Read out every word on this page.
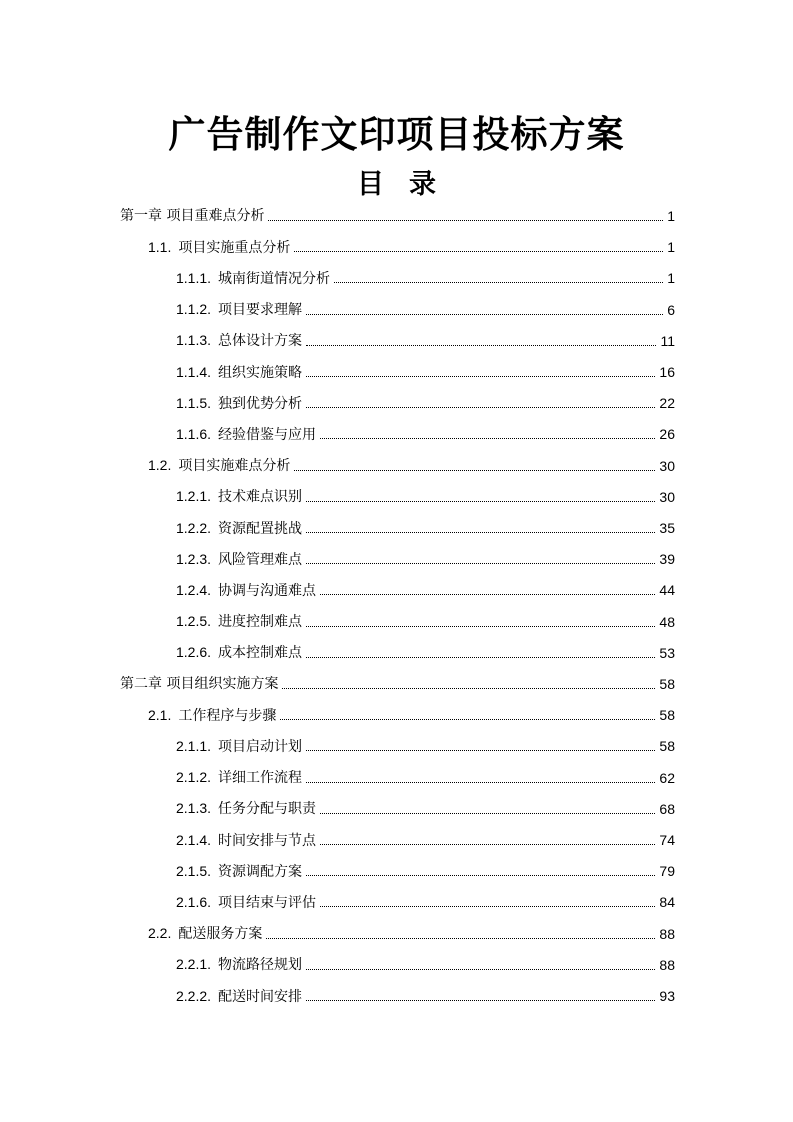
广告制作文印项目投标方案
目 录
第一章 项目重难点分析	1
1.1. 项目实施重点分析	1
1.1.1. 城南街道情况分析	1
1.1.2. 项目要求理解	6
1.1.3. 总体设计方案	11
1.1.4. 组织实施策略	16
1.1.5. 独到优势分析	22
1.1.6. 经验借鉴与应用	26
1.2. 项目实施难点分析	30
1.2.1. 技术难点识别	30
1.2.2. 资源配置挑战	35
1.2.3. 风险管理难点	39
1.2.4. 协调与沟通难点	44
1.2.5. 进度控制难点	48
1.2.6. 成本控制难点	53
第二章 项目组织实施方案	58
2.1. 工作程序与步骤	58
2.1.1. 项目启动计划	58
2.1.2. 详细工作流程	62
2.1.3. 任务分配与职责	68
2.1.4. 时间安排与节点	74
2.1.5. 资源调配方案	79
2.1.6. 项目结束与评估	84
2.2. 配送服务方案	88
2.2.1. 物流路径规划	88
2.2.2. 配送时间安排	93
